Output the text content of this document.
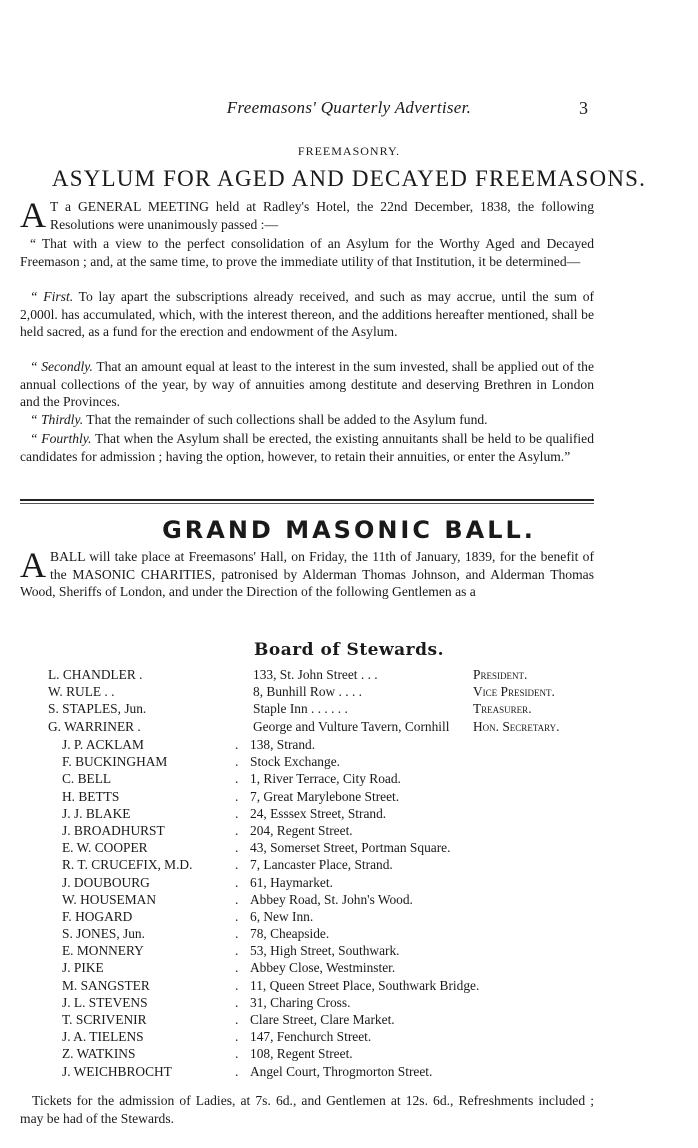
Freemasons' Quarterly Advertiser.	3
FREEMASONRY.
ASYLUM FOR AGED AND DECAYED FREEMASONS.

A T a GENERAL MEETING held at Radley's Hotel, the 22nd December, 1838, the following Resolutions were unanimously passed :—

“ That with a view to the perfect consolidation of an Asylum for the Worthy Aged and Decayed Freemason ; and, at the same time, to prove the immediate utility of that Institution, it be determined—

“ First. To lay apart the subscriptions already received, and such as may accrue, until the sum of 2,000l. has accumulated, which, with the interest thereon, and the additions hereafter mentioned, shall be held sacred, as a fund for the erection and endowment of the Asylum.

“ Secondly. That an amount equal at least to the interest in the sum invested, shall be applied out of the annual collections of the year, by way of annuities among destitute and deserving Brethren in London and the Provinces.

“ Thirdly. That the remainder of such collections shall be added to the Asylum fund.

“ Fourthly. That when the Asylum shall be erected, the existing annuitants shall be held to be qualified candidates for admission ; having the option, however, to retain their annuities, or enter the Asylum.”

GRAND MASONIC BALL.

ABALL will take place at Freemasons' Hall, on Friday, the 11th of January, 1839, for the benefit of the MASONIC CHARITIES, patronised by Alderman Thomas Johnson, and Alderman Thomas Wood, Sheriffs of London, and under the Direction of the following Gentlemen as a

Board of Stewards.
L. CHANDLER .	133, St. John Street . . .	President.
W. RULE . .	8, Bunhill Row . . . .	Vice President.
S. STAPLES, Jun.	Staple Inn . . . . . .	Treasurer.
G. WARRINER .	George and Vulture Tavern, Cornhill Hon. Secretary.
J. P. ACKLAM	. 138, Strand.
F. BUCKINGHAM	. Stock Exchange.
C. BELL	. 1, River Terrace, City Road.
H. BETTS	. 7, Great Marylebone Street.
J. J. BLAKE	. 24, Esssex Street, Strand.
J. BROADHURST	. 204, Regent Street.
E. W. COOPER	. 43, Somerset Street, Portman Square.
R. T. CRUCEFIX, M.D.	. 7, Lancaster Place, Strand.
J. DOUBOURG	. 61, Haymarket.
W. HOUSEMAN	. Abbey Road, St. John's Wood.
F. HOGARD	. 6, New Inn.
S. JONES, Jun.	. 78, Cheapside.
E. MONNERY	. 53, High Street, Southwark.
J. PIKE	. Abbey Close, Westminster.
M. SANGSTER	. 11, Queen Street Place, Southwark Bridge.
J. L. STEVENS	. 31, Charing Cross.
T. SCRIVENIR	. Clare Street, Clare Market.
J. A. TIELENS	. 147, Fenchurch Street.
Z. WATKINS	. 108, Regent Street.
J. WEICHBROCHT	. Angel Court, Throgmorton Street.

Tickets for the admission of Ladies, at 7s. 6d., and Gentlemen at 12s. 6d., Refreshments included ; may be had of the Stewards.
